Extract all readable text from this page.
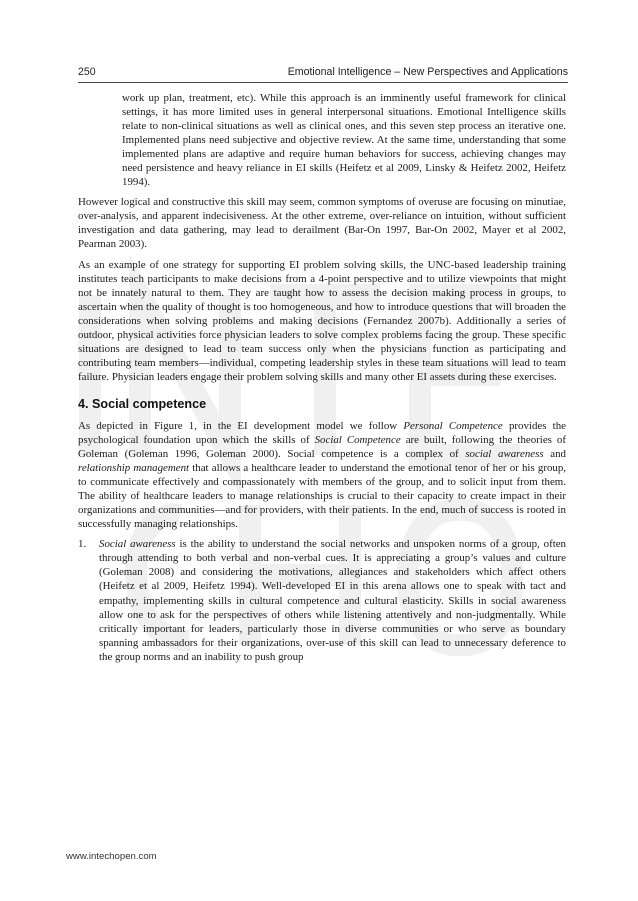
250	Emotional Intelligence – New Perspectives and Applications

work up plan, treatment, etc). While this approach is an imminently useful framework for clinical settings, it has more limited uses in general interpersonal situations. Emotional Intelligence skills relate to non-clinical situations as well as clinical ones, and this seven step process an iterative one. Implemented plans need subjective and objective review. At the same time, understanding that some implemented plans are adaptive and require human behaviors for success, achieving changes may need persistence and heavy reliance in EI skills (Heifetz et al 2009, Linsky & Heifetz 2002, Heifetz 1994).

However logical and constructive this skill may seem, common symptoms of overuse are focusing on minutiae, over-analysis, and apparent indecisiveness. At the other extreme, over-reliance on intuition, without sufficient investigation and data gathering, may lead to derailment (Bar-On 1997, Bar-On 2002, Mayer et al 2002, Pearman 2003).

As an example of one strategy for supporting EI problem solving skills, the UNC-based leadership training institutes teach participants to make decisions from a 4-point perspective and to utilize viewpoints that might not be innately natural to them. They are taught how to assess the decision making process in groups, to ascertain when the quality of thought is too homogeneous, and how to introduce questions that will broaden the considerations when solving problems and making decisions (Fernandez 2007b). Additionally a series of outdoor, physical activities force physician leaders to solve complex problems facing the group. These specific situations are designed to lead to team success only when the physicians function as participating and contributing team members—individual, competing leadership styles in these team situations will lead to team failure. Physician leaders engage their problem solving skills and many other EI assets during these exercises.

4. Social competence

As depicted in Figure 1, in the EI development model we follow Personal Competence provides the psychological foundation upon which the skills of Social Competence are built, following the theories of Goleman (Goleman 1996, Goleman 2000). Social competence is a complex of social awareness and relationship management that allows a healthcare leader to understand the emotional tenor of her or his group, to communicate effectively and compassionately with members of the group, and to solicit input from them. The ability of healthcare leaders to manage relationships is crucial to their capacity to create impact in their organizations and communities—and for providers, with their patients. In the end, much of success is rooted in successfully managing relationships.

1. Social awareness is the ability to understand the social networks and unspoken norms of a group, often through attending to both verbal and non-verbal cues. It is appreciating a group’s values and culture (Goleman 2008) and considering the motivations, allegiances and stakeholders which affect others (Heifetz et al 2009, Heifetz 1994). Well-developed EI in this arena allows one to speak with tact and empathy, implementing skills in cultural competence and cultural elasticity. Skills in social awareness allow one to ask for the perspectives of others while listening attentively and non-judgmentally. While critically important for leaders, particularly those in diverse communities or who serve as boundary spanning ambassadors for their organizations, over-use of this skill can lead to unnecessary deference to the group norms and an inability to push group

www.intechopen.com
